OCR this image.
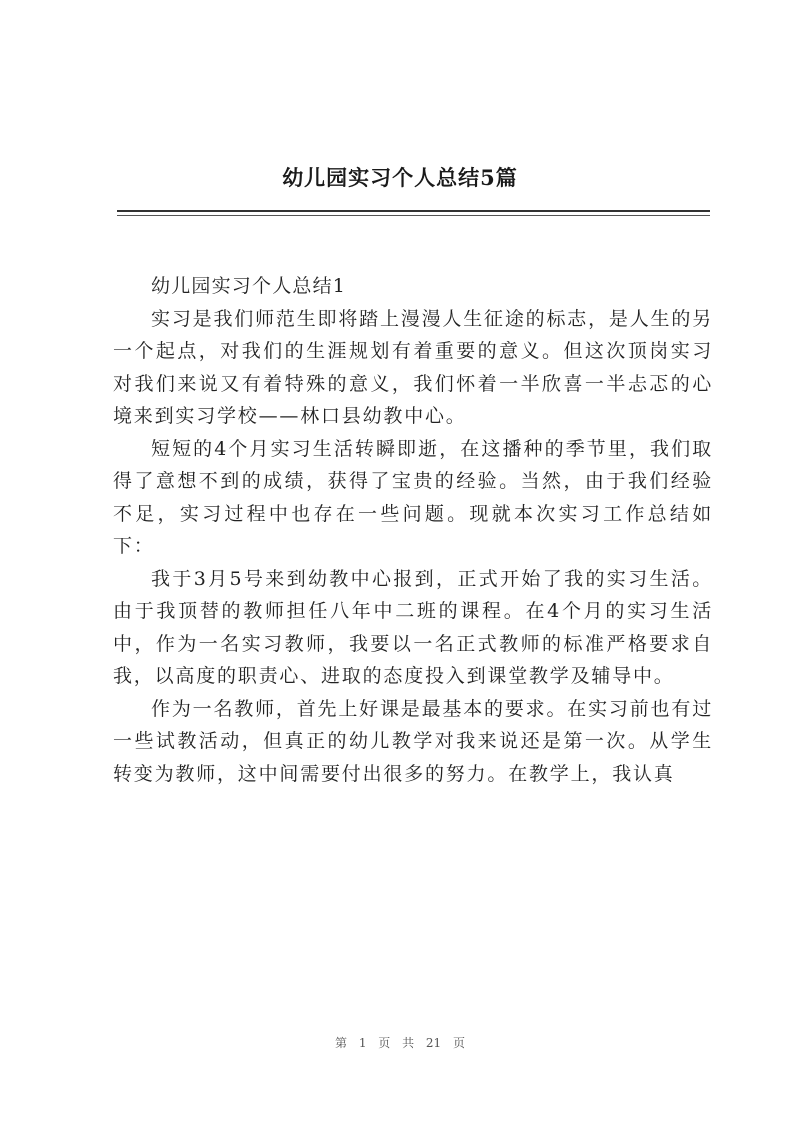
幼儿园实习个人总结5篇

幼儿园实习个人总结1

实习是我们师范生即将踏上漫漫人生征途的标志，是人生的另一个起点，对我们的生涯规划有着重要的意义。但这次顶岗实习对我们来说又有着特殊的意义，我们怀着一半欣喜一半忐忑的心境来到实习学校——林口县幼教中心。

短短的4个月实习生活转瞬即逝，在这播种的季节里，我们取得了意想不到的成绩，获得了宝贵的经验。当然，由于我们经验不足，实习过程中也存在一些问题。现就本次实习工作总结如下：

我于3月5号来到幼教中心报到，正式开始了我的实习生活。由于我顶替的教师担任八年中二班的课程。在4个月的实习生活中，作为一名实习教师，我要以一名正式教师的标准严格要求自我，以高度的职责心、进取的态度投入到课堂教学及辅导中。

作为一名教师，首先上好课是最基本的要求。在实习前也有过一些试教活动，但真正的幼儿教学对我来说还是第一次。从学生转变为教师，这中间需要付出很多的努力。在教学上，我认真

第 1 页 共 21 页
